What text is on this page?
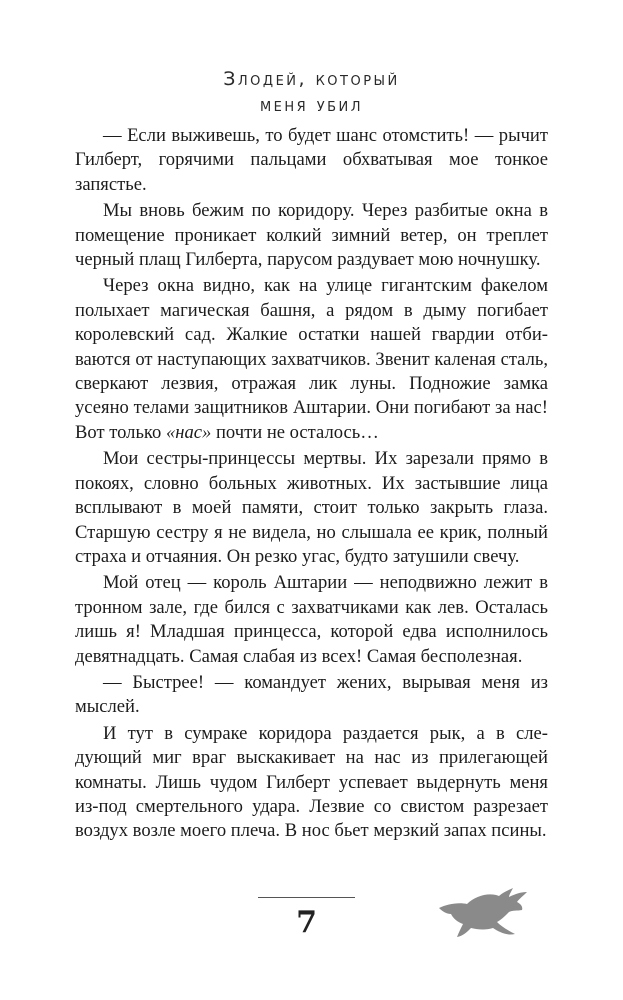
Злодей, который
меня убил

— Если выживешь, то будет шанс отомстить! — рычит Гилберт, горячими пальцами обхватывая мое тонкое запястье.

Мы вновь бежим по коридору. Через разбитые окна в помещение проникает колкий зимний ветер, он треплет черный плащ Гилберта, парусом раздувает мою ночнушку.

Через окна видно, как на улице гигантским факелом полыхает магическая башня, а рядом в дыму погибает королевский сад. Жалкие остатки нашей гвардии отбиваются от наступающих захватчиков. Звенит каленая сталь, сверкают лезвия, отражая лик луны. Подножие замка усеяно телами защитников Аштарии. Они погибают за нас! Вот только «нас» почти не осталось…

Мои сестры-принцессы мертвы. Их зарезали прямо в покоях, словно больных животных. Их застывшие лица всплывают в моей памяти, стоит только закрыть глаза. Старшую сестру я не видела, но слышала ее крик, полный страха и отчаяния. Он резко угас, будто затушили свечу.

Мой отец — король Аштарии — неподвижно лежит в тронном зале, где бился с захватчиками как лев. Осталась лишь я! Младшая принцесса, которой едва исполнилось девятнадцать. Самая слабая из всех! Самая бесполезная.

— Быстрее! — командует жених, вырывая меня из мыслей.

И тут в сумраке коридора раздается рык, а в следующий миг враг выскакивает на нас из прилегающей комнаты. Лишь чудом Гилберт успевает выдернуть меня из-под смертельного удара. Лезвие со свистом разрезает воздух возле моего плеча. В нос бьет мерзкий запах псины.

7
